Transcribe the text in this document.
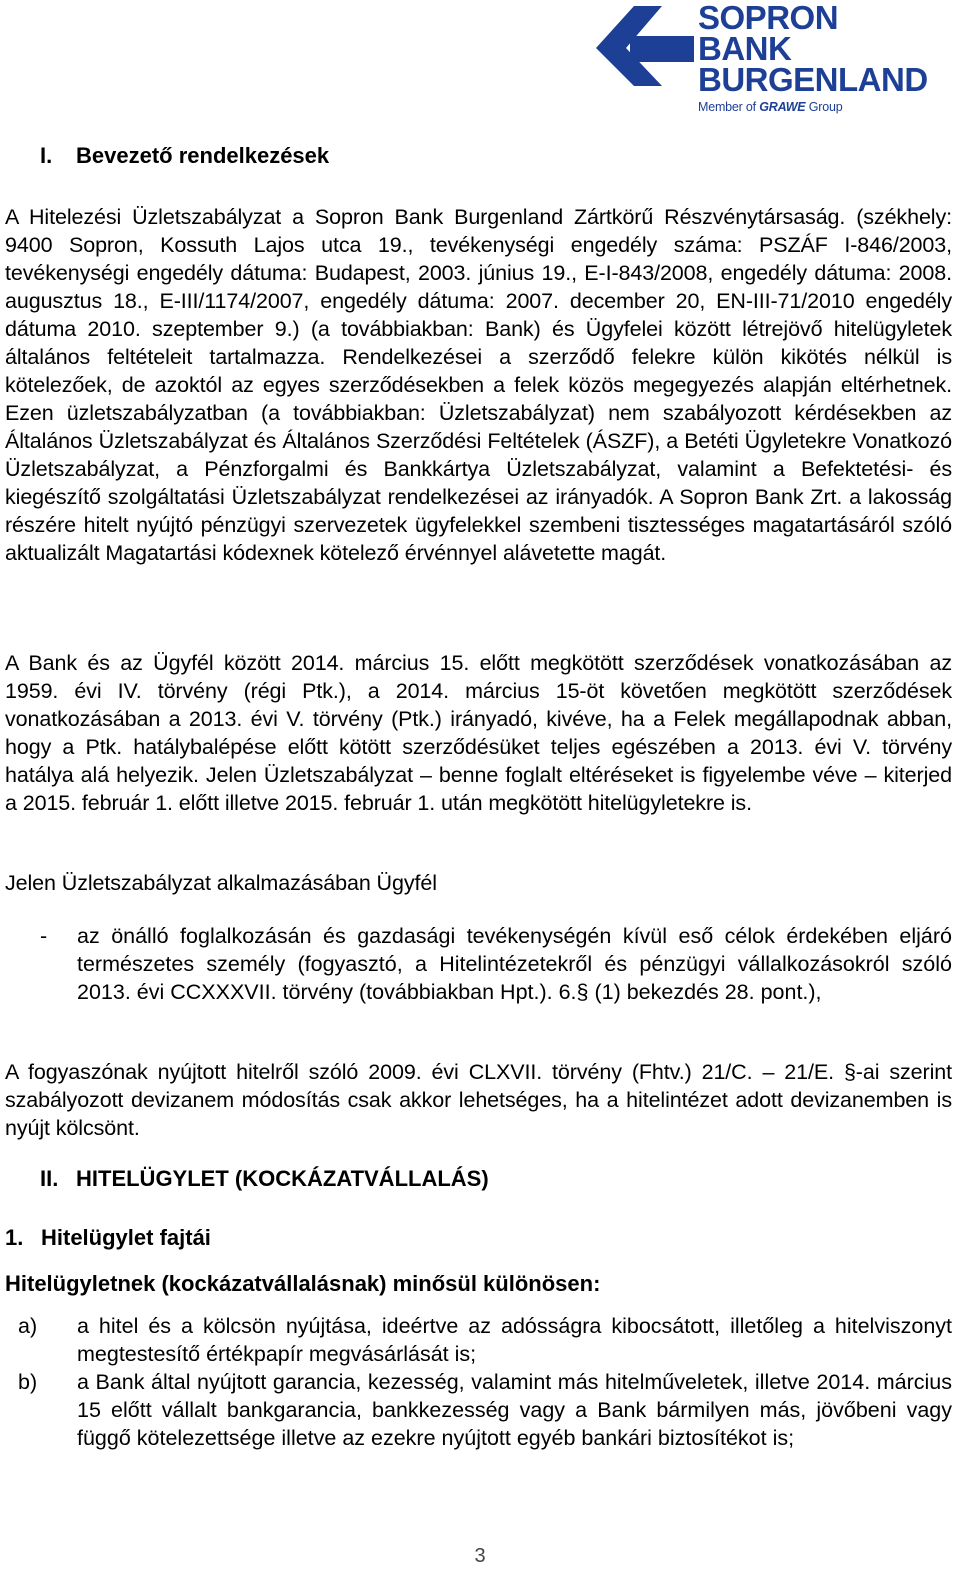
SOPRON
BANK
BURGENLAND
Member of GRAWE Group
I. Bevezető rendelkezések
A Hitelezési Üzletszabályzat a Sopron Bank Burgenland Zártkörű Részvénytársaság. (székhely: 9400 Sopron, Kossuth Lajos utca 19., tevékenységi engedély száma: PSZÁF I-846/2003, tevékenységi engedély dátuma: Budapest, 2003. június 19., E-I-843/2008, engedély dátuma: 2008. augusztus 18., E-III/1174/2007, engedély dátuma: 2007. december 20, EN-III-71/2010 engedély dátuma 2010. szeptember 9.) (a továbbiakban: Bank) és Ügyfelei között létrejövő hitelügyletek általános feltételeit tartalmazza. Rendelkezései a szerződő felekre külön kikötés nélkül is kötelezőek, de azoktól az egyes szerződésekben a felek közös megegyezés alapján eltérhetnek. Ezen üzletszabályzatban (a továbbiakban: Üzletszabályzat) nem szabályozott kérdésekben az Általános Üzletszabályzat és Általános Szerződési Feltételek (ÁSZF), a Betéti Ügyletekre Vonatkozó Üzletszabályzat, a Pénzforgalmi és Bankkártya Üzletszabályzat, valamint a Befektetési- és kiegészítő szolgáltatási Üzletszabályzat rendelkezései az irányadók. A Sopron Bank Zrt. a lakosság részére hitelt nyújtó pénzügyi szervezetek ügyfelekkel szembeni tisztességes magatartásáról szóló aktualizált Magatartási kódexnek kötelező érvénnyel alávetette magát.
A Bank és az Ügyfél között 2014. március 15. előtt megkötött szerződések vonatkozásában az 1959. évi IV. törvény (régi Ptk.), a 2014. március 15-öt követően megkötött szerződések vonatkozásában a 2013. évi V. törvény (Ptk.) irányadó, kivéve, ha a Felek megállapodnak abban, hogy a Ptk. hatálybalépése előtt kötött szerződésüket teljes egészében a 2013. évi V. törvény hatálya alá helyezik. Jelen Üzletszabályzat – benne foglalt eltéréseket is figyelembe véve – kiterjed a 2015. február 1. előtt illetve 2015. február 1. után megkötött hitelügyletekre is.
Jelen Üzletszabályzat alkalmazásában Ügyfél
- az önálló foglalkozásán és gazdasági tevékenységén kívül eső célok érdekében eljáró természetes személy (fogyasztó, a Hitelintézetekről és pénzügyi vállalkozásokról szóló 2013. évi CCXXXVII. törvény (továbbiakban Hpt.). 6.§ (1) bekezdés 28. pont.),
A fogyaszónak nyújtott hitelről szóló 2009. évi CLXVII. törvény (Fhtv.) 21/C. – 21/E. §-ai szerint szabályozott devizanem módosítás csak akkor lehetséges, ha a hitelintézet adott devizanemben is nyújt kölcsönt.
II. HITELÜGYLET (KOCKÁZATVÁLLALÁS)
1. Hitelügylet fajtái
Hitelügyletnek (kockázatvállalásnak) minősül különösen:
a) a hitel és a kölcsön nyújtása, ideértve az adósságra kibocsátott, illetőleg a hitelviszonyt megtestesítő értékpapír megvásárlását is;
b) a Bank által nyújtott garancia, kezesség, valamint más hitelműveletek, illetve 2014. március 15 előtt vállalt bankgarancia, bankkezesség vagy a Bank bármilyen más, jövőbeni vagy függő kötelezettsége illetve az ezekre nyújtott egyéb bankári biztosítékot is;
3
